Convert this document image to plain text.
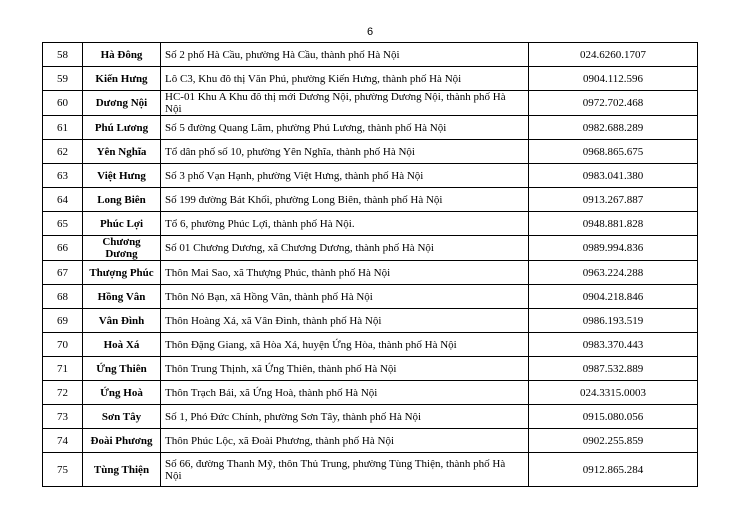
6
58	Hà Đông	Số 2 phố Hà Cầu, phường Hà Cầu, thành phố Hà Nội	024.6260.1707
59	Kiến Hưng	Lô C3, Khu đô thị Văn Phú, phường Kiến Hưng, thành phố Hà Nội	0904.112.596
60	Dương Nội	HC-01 Khu A Khu đô thị mới Dương Nội, phường Dương Nội, thành phố Hà Nội	0972.702.468
61	Phú Lương	Số 5 đường Quang Lãm, phường Phú Lương, thành phố Hà Nội	0982.688.289
62	Yên Nghĩa	Tổ dân phố số 10, phường Yên Nghĩa, thành phố Hà Nội	0968.865.675
63	Việt Hưng	Số 3 phố Vạn Hạnh, phường Việt Hưng, thành phố Hà Nội	0983.041.380
64	Long Biên	Số 199 đường Bát Khối, phường Long Biên, thành phố Hà Nội	0913.267.887
65	Phúc Lợi	Tổ 6, phường Phúc Lợi, thành phố Hà Nội.	0948.881.828
66	Chương Dương	Số 01 Chương Dương, xã Chương Dương, thành phố Hà Nội	0989.994.836
67	Thượng Phúc	Thôn Mai Sao, xã Thượng Phúc, thành phố Hà Nội	0963.224.288
68	Hồng Vân	Thôn Nỏ Bạn, xã Hồng Vân, thành phố Hà Nội	0904.218.846
69	Vân Đình	Thôn Hoàng Xá, xã Vân Đình, thành phố Hà Nội	0986.193.519
70	Hoà Xá	Thôn Đặng Giang, xã Hòa Xá, huyện Ứng Hòa, thành phố Hà Nội	0983.370.443
71	Ứng Thiên	Thôn Trung Thịnh, xã Ứng Thiên, thành phố Hà Nội	0987.532.889
72	Ứng Hoà	Thôn Trạch Bái, xã Ứng Hoà, thành phố Hà Nội	024.3315.0003
73	Sơn Tây	Số 1, Phó Đức Chính, phường Sơn Tây, thành phố Hà Nội	0915.080.056
74	Đoài Phương	Thôn Phúc Lộc, xã Đoài Phương, thành phố Hà Nội	0902.255.859
75	Tùng Thiện	Số 66, đường Thanh Mỹ, thôn Thủ Trung, phường Tùng Thiện, thành phố Hà Nội	0912.865.284
